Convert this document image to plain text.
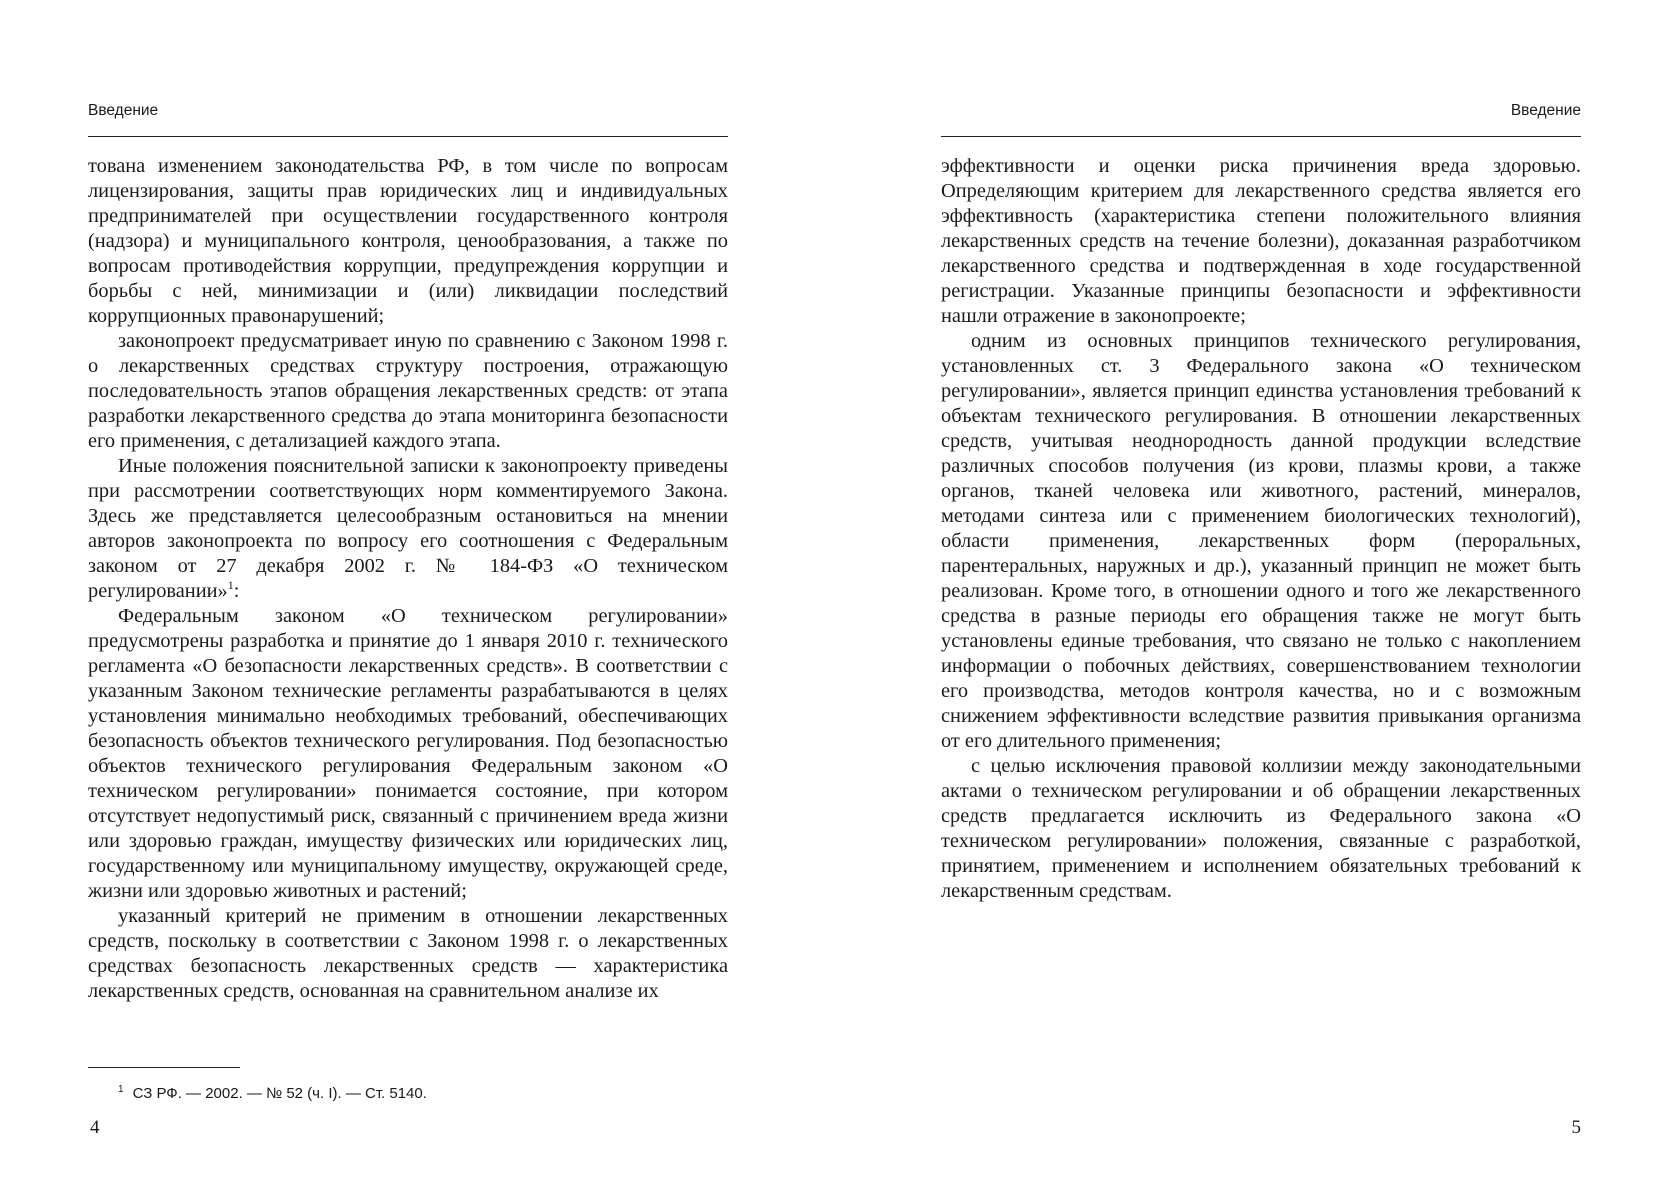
Введение

тована изменением законодательства РФ, в том числе по вопросам лицензирования, защиты прав юридических лиц и индивидуальных предпринимателей при осуществлении государственного контроля (надзора) и муниципального контроля, ценообразования, а также по вопросам противодействия коррупции, предупреждения коррупции и борьбы с ней, минимизации и (или) ликвидации последствий коррупционных правонарушений;

законопроект предусматривает иную по сравнению с Законом 1998 г. о лекарственных средствах структуру построения, отражающую последовательность этапов обращения лекарственных средств: от этапа разработки лекарственного средства до этапа мониторинга безопасности его применения, с детализацией каждого этапа.

Иные положения пояснительной записки к законопроекту приведены при рассмотрении соответствующих норм комментируемого Закона. Здесь же представляется целесообразным остановиться на мнении авторов законопроекта по вопросу его соотношения с Федеральным законом от 27 декабря 2002 г. № 184-ФЗ «О техническом регулировании»$^1$:

Федеральным законом «О техническом регулировании» предусмотрены разработка и принятие до 1 января 2010 г. технического регламента «О безопасности лекарственных средств». В соответствии с указанным Законом технические регламенты разрабатываются в целях установления минимально необходимых требований, обеспечивающих безопасность объектов технического регулирования. Под безопасностью объектов технического регулирования Федеральным законом «О техническом регулировании» понимается состояние, при котором отсутствует недопустимый риск, связанный с причинением вреда жизни или здоровью граждан, имуществу физических или юридических лиц, государственному или муниципальному имуществу, окружающей среде, жизни или здоровью животных и растений;

указанный критерий не применим в отношении лекарственных средств, поскольку в соответствии с Законом 1998 г. о лекарственных средствах безопасность лекарственных средств — характеристика лекарственных средств, основанная на сравнительном анализе их

$^1$ СЗ РФ. — 2002. — № 52 (ч. I). — Ст. 5140.

4
Введение

эффективности и оценки риска причинения вреда здоровью. Определяющим критерием для лекарственного средства является его эффективность (характеристика степени положительного влияния лекарственных средств на течение болезни), доказанная разработчиком лекарственного средства и подтвержденная в ходе государственной регистрации. Указанные принципы безопасности и эффективности нашли отражение в законопроекте;

одним из основных принципов технического регулирования, установленных ст. 3 Федерального закона «О техническом регулировании», является принцип единства установления требований к объектам технического регулирования. В отношении лекарственных средств, учитывая неоднородность данной продукции вследствие различных способов получения (из крови, плазмы крови, а также органов, тканей человека или животного, растений, минералов, методами синтеза или с применением биологических технологий), области применения, лекарственных форм (пероральных, парентеральных, наружных и др.), указанный принцип не может быть реализован. Кроме того, в отношении одного и того же лекарственного средства в разные периоды его обращения также не могут быть установлены единые требования, что связано не только с накоплением информации о побочных действиях, совершенствованием технологии его производства, методов контроля качества, но и с возможным снижением эффективности вследствие развития привыкания организма от его длительного применения;

с целью исключения правовой коллизии между законодательными актами о техническом регулировании и об обращении лекарственных средств предлагается исключить из Федерального закона «О техническом регулировании» положения, связанные с разработкой, принятием, применением и исполнением обязательных требований к лекарственным средствам.

5
